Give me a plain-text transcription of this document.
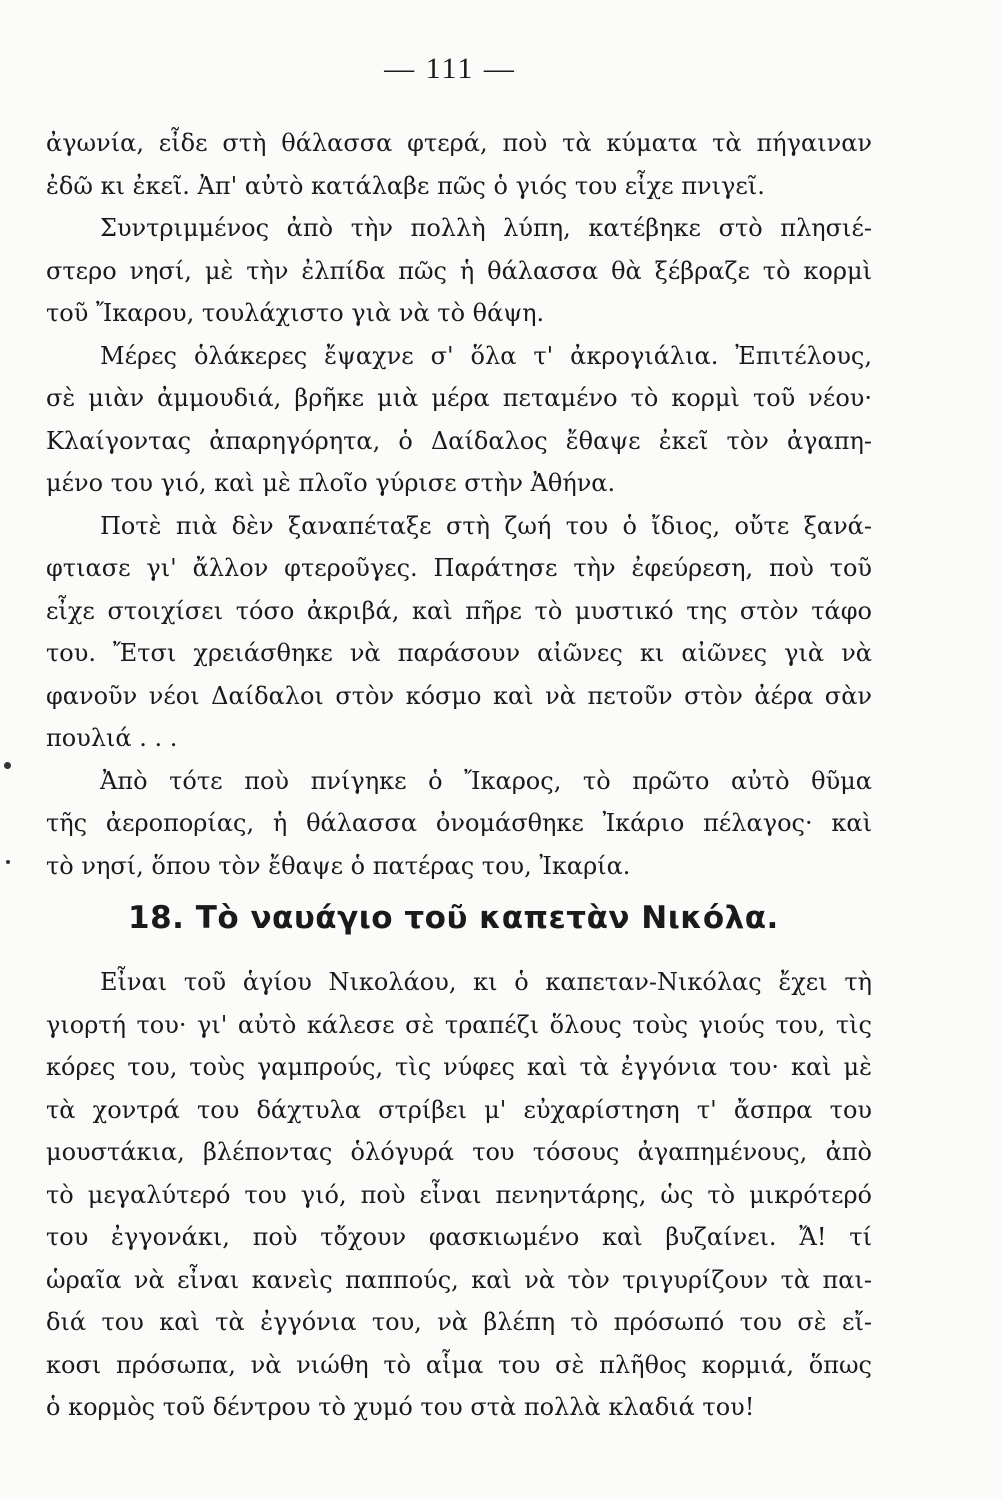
— 111 —
ἀγωνία, εἶδε στὴ θάλασσα φτερά, ποὺ τὰ κύματα τὰ πήγαιναν
ἐδῶ κι ἐκεῖ. Ἀπ' αὐτὸ κατάλαβε πῶς ὁ γιός του εἶχε πνιγεῖ.
Συντριμμένος ἀπὸ τὴν πολλὴ λύπη, κατέβηκε στὸ πλησιέ-
στερο νησί, μὲ τὴν ἐλπίδα πῶς ἡ θάλασσα θὰ ξέβραζε τὸ κορμὶ
τοῦ Ἴκαρου, τουλάχιστο γιὰ νὰ τὸ θάψη.
Μέρες ὁλάκερες ἔψαχνε σ' ὅλα τ' ἀκρογιάλια. Ἐπιτέλους,
σὲ μιὰν ἀμμουδιά, βρῆκε μιὰ μέρα πεταμένο τὸ κορμὶ τοῦ νέου·
Κλαίγοντας ἀπαρηγόρητα, ὁ Δαίδαλος ἔθαψε ἐκεῖ τὸν ἀγαπη-
μένο του γιό, καὶ μὲ πλοῖο γύρισε στὴν Ἀθήνα.
Ποτὲ πιὰ δὲν ξαναπέταξε στὴ ζωή του ὁ ἴδιος, οὔτε ξανά-
φτιασε γι' ἄλλον φτεροῦγες. Παράτησε τὴν ἐφεύρεση, ποὺ τοῦ
εἶχε στοιχίσει τόσο ἀκριβά, καὶ πῆρε τὸ μυστικό της στὸν τάφο
του. Ἔτσι χρειάσθηκε νὰ παράσουν αἰῶνες κι αἰῶνες γιὰ νὰ
φανοῦν νέοι Δαίδαλοι στὸν κόσμο καὶ νὰ πετοῦν στὸν ἀέρα σὰν
πουλιά . . .
Ἀπὸ τότε ποὺ πνίγηκε ὁ Ἴκαρος, τὸ πρῶτο αὐτὸ θῦμα
τῆς ἀεροπορίας, ἡ θάλασσα ὀνομάσθηκε Ἰκάριο πέλαγος· καὶ
τὸ νησί, ὅπου τὸν ἔθαψε ὁ πατέρας του, Ἰκαρία.
18. Τὸ ναυάγιο τοῦ καπετὰν Νικόλα.
Εἶναι τοῦ ἁγίου Νικολάου, κι ὁ καπεταν-Νικόλας ἔχει τὴ
γιορτή του· γι' αὐτὸ κάλεσε σὲ τραπέζι ὅλους τοὺς γιούς του, τὶς
κόρες του, τοὺς γαμπρούς, τὶς νύφες καὶ τὰ ἐγγόνια του· καὶ μὲ
τὰ χοντρά του δάχτυλα στρίβει μ' εὐχαρίστηση τ' ἄσπρα του
μουστάκια, βλέποντας ὁλόγυρά του τόσους ἀγαπημένους, ἀπὸ
τὸ μεγαλύτερό του γιό, ποὺ εἶναι πενηντάρης, ὡς τὸ μικρότερό
του ἐγγονάκι, ποὺ τὄχουν φασκιωμένο καὶ βυζαίνει. Ἄ! τί
ὡραῖα νὰ εἶναι κανεὶς παππούς, καὶ νὰ τὸν τριγυρίζουν τὰ παι-
διά του καὶ τὰ ἐγγόνια του, νὰ βλέπη τὸ πρόσωπό του σὲ εἴ-
κοσι πρόσωπα, νὰ νιώθη τὸ αἷμα του σὲ πλῆθος κορμιά, ὅπως
ὁ κορμὸς τοῦ δέντρου τὸ χυμό του στὰ πολλὰ κλαδιά του!
